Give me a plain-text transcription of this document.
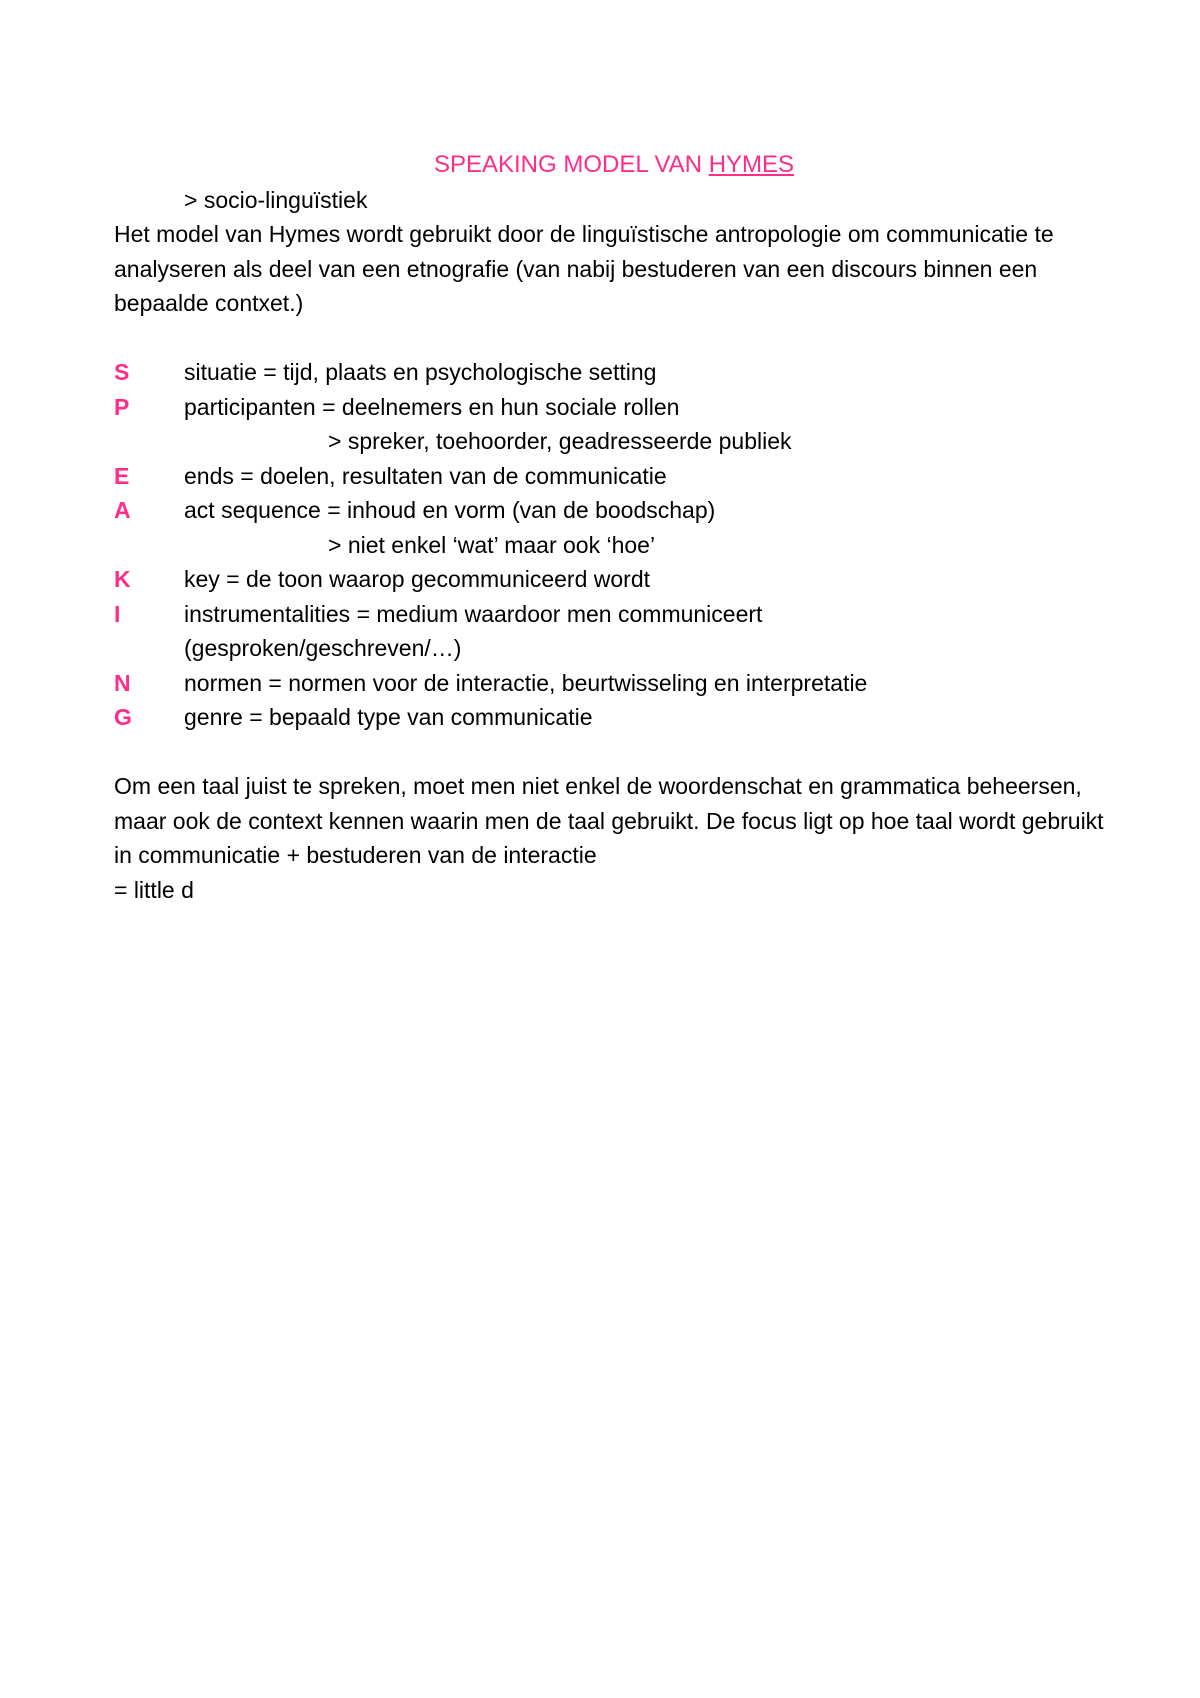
SPEAKING MODEL VAN HYMES

> socio-linguïstiek

Het model van Hymes wordt gebruikt door de linguïstische antropologie om communicatie te analyseren als deel van een etnografie (van nabij bestuderen van een discours binnen een bepaalde contxet.)

S	situatie = tijd, plaats en psychologische setting
P	participanten = deelnemers en hun sociale rollen
> spreker, toehoorder, geadresseerde publiek
E	ends = doelen, resultaten van de communicatie
A	act sequence = inhoud en vorm (van de boodschap)
> niet enkel ‘wat’ maar ook ‘hoe’
K	key = de toon waarop gecommuniceerd wordt
I	instrumentalities = medium waardoor men communiceert
(gesproken/geschreven/…)
N	normen = normen voor de interactie, beurtwisseling en interpretatie
G	genre = bepaald type van communicatie

Om een taal juist te spreken, moet men niet enkel de woordenschat en grammatica beheersen, maar ook de context kennen waarin men de taal gebruikt. De focus ligt op hoe taal wordt gebruikt in communicatie + bestuderen van de interactie

= little d
